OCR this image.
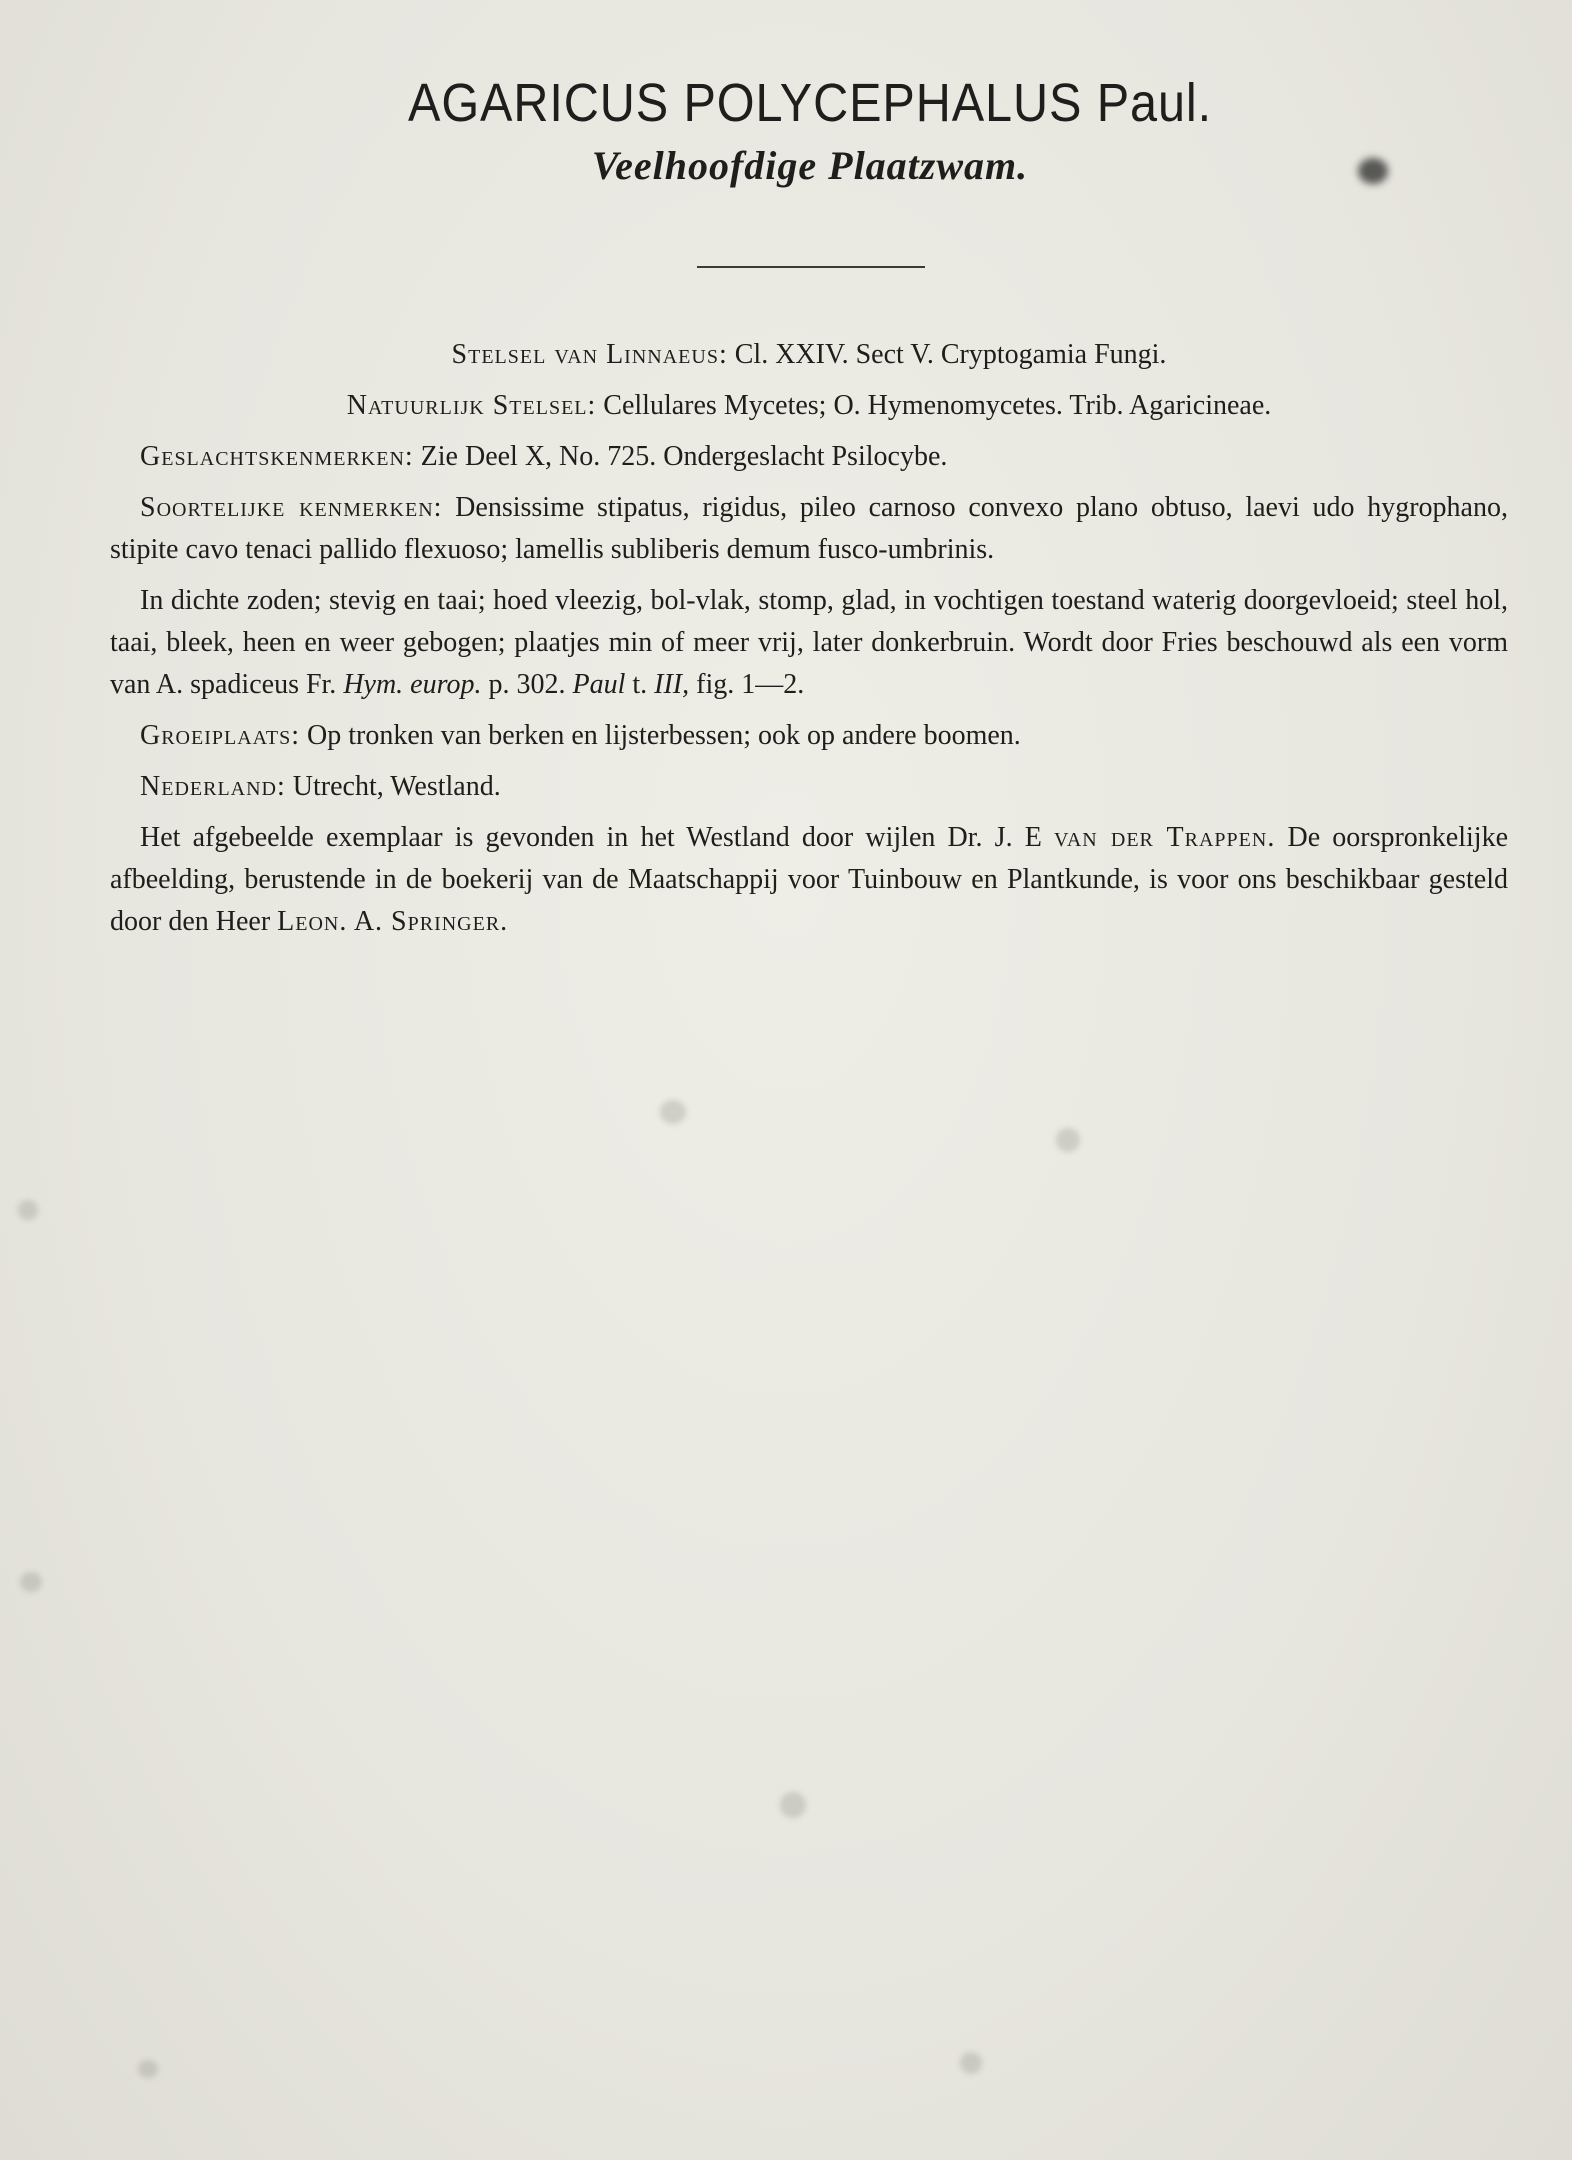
AGARICUS POLYCEPHALUS Paul.
Veelhoofdige Plaatzwam.

Stelsel van Linnaeus: Cl. XXIV. Sect V. Cryptogamia Fungi.

Natuurlijk Stelsel: Cellulares Mycetes; O. Hymenomycetes. Trib. Agaricineae.

Geslachtskenmerken: Zie Deel X, No. 725. Ondergeslacht Psilocybe.

Soortelijke kenmerken: Densissime stipatus, rigidus, pileo carnoso convexo plano obtuso, laevi udo hygrophano, stipite cavo tenaci pallido flexuoso; lamellis subliberis demum fusco-umbrinis.

In dichte zoden; stevig en taai; hoed vleezig, bol-vlak, stomp, glad, in vochtigen toestand waterig doorgevloeid; steel hol, taai, bleek, heen en weer gebogen; plaatjes min of meer vrij, later donkerbruin. Wordt door Fries beschouwd als een vorm van A. spadiceus Fr. Hym. europ. p. 302. Paul t. III, fig. 1—2.

Groeiplaats: Op tronken van berken en lijsterbessen; ook op andere boomen.

Nederland: Utrecht, Westland.

Het afgebeelde exemplaar is gevonden in het Westland door wijlen Dr. J. E van der Trappen. De oorspronkelijke afbeelding, berustende in de boekerij van de Maatschappij voor Tuinbouw en Plantkunde, is voor ons beschikbaar gesteld door den Heer Leon. A. Springer.
